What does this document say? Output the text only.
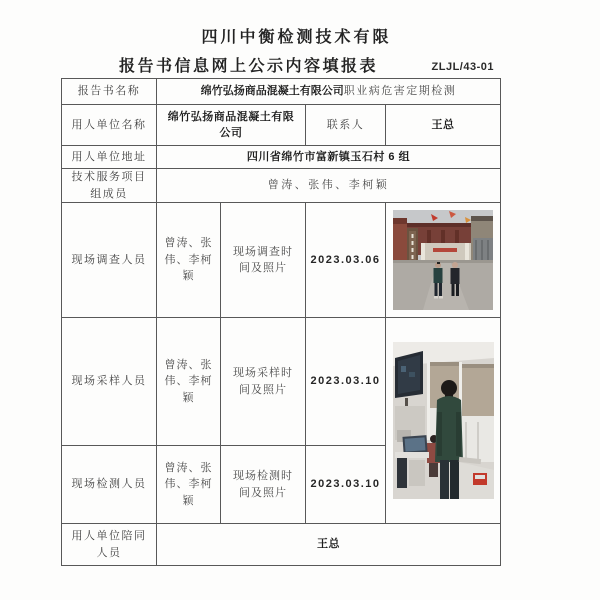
四川中衡检测技术有限
报告书信息网上公示内容填报表	ZLJL/43-01
报告书名称	绵竹弘扬商品混凝土有限公司职业病危害定期检测			
用人单位名称	绵竹弘扬商品混凝土有限公司		联系人	王总
用人单位地址	四川省绵竹市富新镇玉石村 6 组			
技术服务项目组成员	曾涛、张伟、李柯颖			
现场调查人员	曾涛、张伟、李柯颖	现场调查时间及照片	2023.03.06	

现场采样人员	曾涛、张伟、李柯颖	现场采样时间及照片	2023.03.10	

现场检测人员	曾涛、张伟、李柯颖	现场检测时间及照片	2023.03.10	
用人单位陪同人员	王总			
